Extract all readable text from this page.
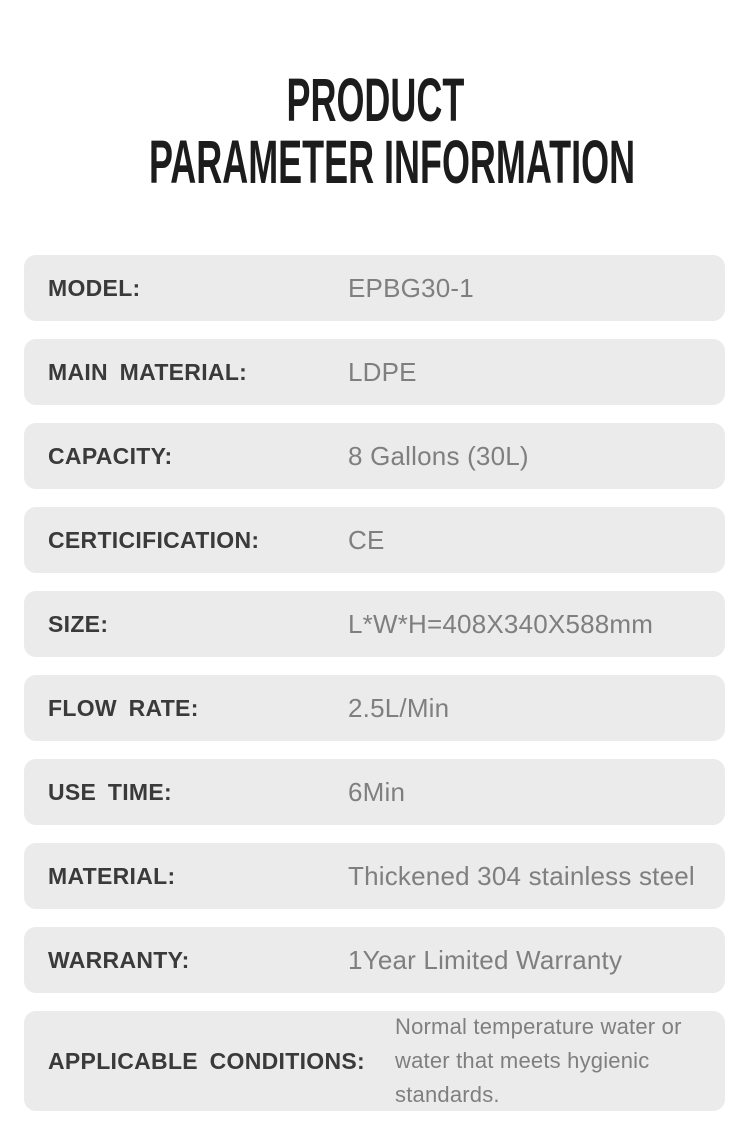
PRODUCT
PARAMETER INFORMATION
MODEL:	EPBG30-1
MAIN MATERIAL:	LDPE
CAPACITY:	8 Gallons (30L)
CERTICIFICATION:	CE
SIZE:	L*W*H=408X340X588mm
FLOW RATE:	2.5L/Min
USE TIME:	6Min
MATERIAL:	Thickened 304 stainless steel
WARRANTY:	1Year Limited Warranty
APPLICABLE CONDITIONS:
Normal temperature water or water that meets hygienic standards.
